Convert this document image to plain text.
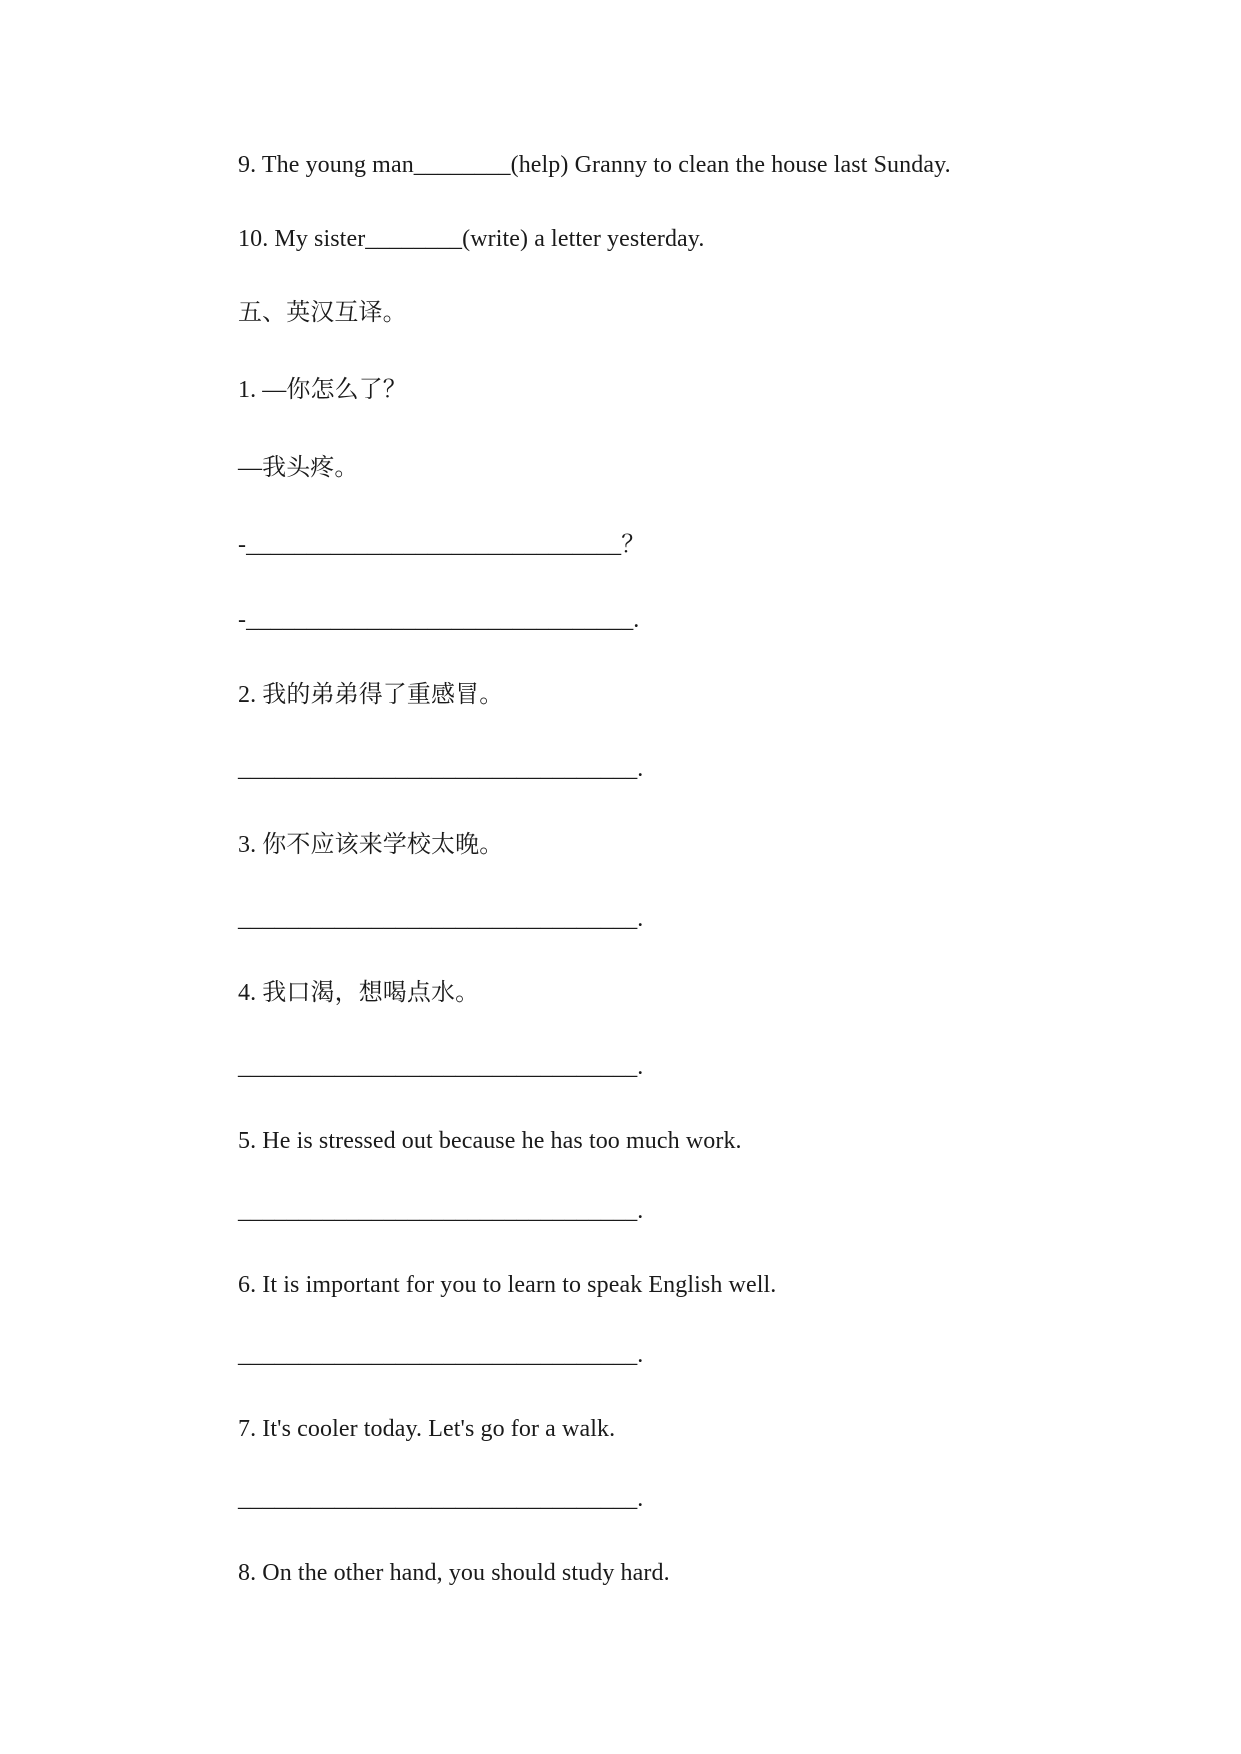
9. The young man________(help) Granny to clean the house last Sunday.
10. My sister________(write) a letter yesterday.
五、英汉互译。
1. —你怎么了？
—我头疼。
-_______________________________？
-________________________________.
2. 我的弟弟得了重感冒。
_________________________________.
3. 你不应该来学校太晚。
_________________________________.
4. 我口渴，想喝点水。
_________________________________.
5. He is stressed out because he has too much work.
_________________________________.
6. It is important for you to learn to speak English well.
_________________________________.
7. It's cooler today. Let's go for a walk.
_________________________________.
8. On the other hand, you should study hard.
